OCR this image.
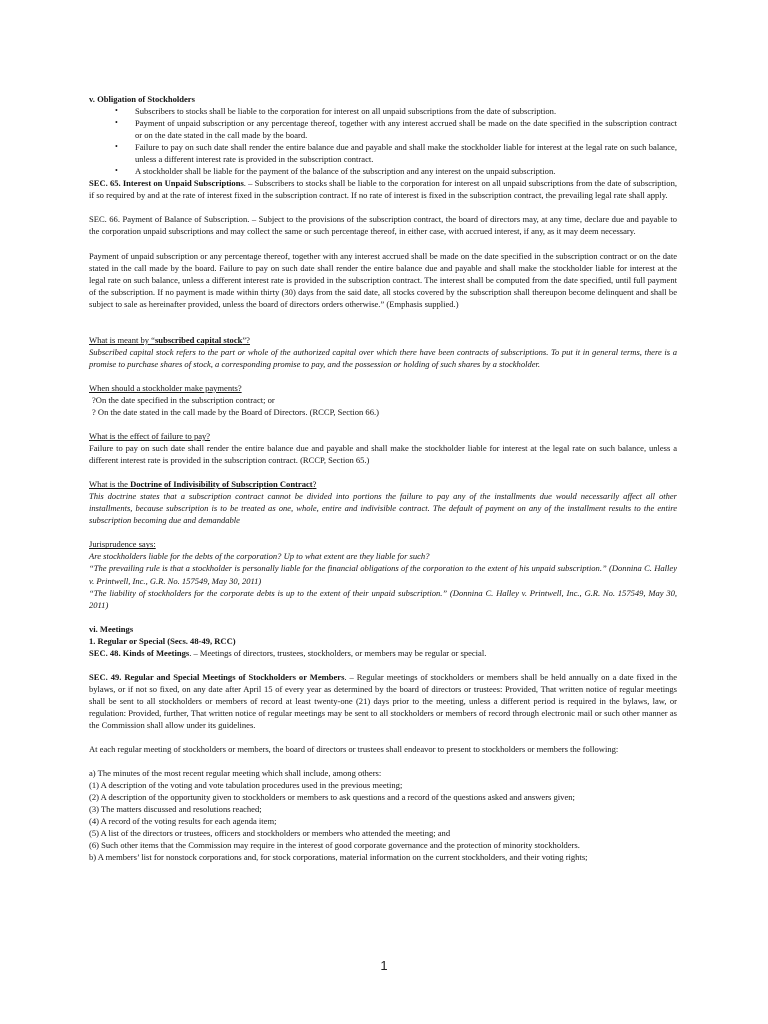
v. Obligation of Stockholders

• Subscribers to stocks shall be liable to the corporation for interest on all unpaid subscriptions from the date of subscription.
• Payment of unpaid subscription or any percentage thereof, together with any interest accrued shall be made on the date specified in the subscription contract or on the date stated in the call made by the board.
• Failure to pay on such date shall render the entire balance due and payable and shall make the stockholder liable for interest at the legal rate on such balance, unless a different interest rate is provided in the subscription contract.
• A stockholder shall be liable for the payment of the balance of the subscription and any interest on the unpaid subscription.

SEC. 65. Interest on Unpaid Subscriptions. – Subscribers to stocks shall be liable to the corporation for interest on all unpaid subscriptions from the date of subscription, if so required by and at the rate of interest fixed in the subscription contract. If no rate of interest is fixed in the subscription contract, the prevailing legal rate shall apply.

SEC. 66. Payment of Balance of Subscription. – Subject to the provisions of the subscription contract, the board of directors may, at any time, declare due and payable to the corporation unpaid subscriptions and may collect the same or such percentage thereof, in either case, with accrued interest, if any, as it may deem necessary.

Payment of unpaid subscription or any percentage thereof, together with any interest accrued shall be made on the date specified in the subscription contract or on the date stated in the call made by the board. Failure to pay on such date shall render the entire balance due and payable and shall make the stockholder liable for interest at the legal rate on such balance, unless a different interest rate is provided in the subscription contract. The interest shall be computed from the date specified, until full payment of the subscription. If no payment is made within thirty (30) days from the said date, all stocks covered by the subscription shall thereupon become delinquent and shall be subject to sale as hereinafter provided, unless the board of directors orders otherwise.” (Emphasis supplied.)

What is meant by “subscribed capital stock”?

Subscribed capital stock refers to the part or whole of the authorized capital over which there have been contracts of subscriptions. To put it in general terms, there is a promise to purchase shares of stock, a corresponding promise to pay, and the possession or holding of such shares by a stockholder.

When should a stockholder make payments?

?On the date specified in the subscription contract; or

? On the date stated in the call made by the Board of Directors. (RCCP, Section 66.)

What is the effect of failure to pay?

Failure to pay on such date shall render the entire balance due and payable and shall make the stockholder liable for interest at the legal rate on such balance, unless a different interest rate is provided in the subscription contract. (RCCP, Section 65.)

What is the Doctrine of Indivisibility of Subscription Contract?

This doctrine states that a subscription contract cannot be divided into portions the failure to pay any of the installments due would necessarily affect all other installments, because subscription is to be treated as one, whole, entire and indivisible contract. The default of payment on any of the installment results to the entire subscription becoming due and demandable

Jurisprudence says:

Are stockholders liable for the debts of the corporation? Up to what extent are they liable for such?

“The prevailing rule is that a stockholder is personally liable for the financial obligations of the corporation to the extent of his unpaid subscription.” (Donnina C. Halley v. Printwell, Inc., G.R. No. 157549, May 30, 2011)

“The liability of stockholders for the corporate debts is up to the extent of their unpaid subscription.” (Donnina C. Halley v. Printwell, Inc., G.R. No. 157549, May 30, 2011)

vi. Meetings

1. Regular or Special (Secs. 48-49, RCC)

SEC. 48. Kinds of Meetings. – Meetings of directors, trustees, stockholders, or members may be regular or special.

SEC. 49. Regular and Special Meetings of Stockholders or Members. – Regular meetings of stockholders or members shall be held annually on a date fixed in the bylaws, or if not so fixed, on any date after April 15 of every year as determined by the board of directors or trustees: Provided, That written notice of regular meetings shall be sent to all stockholders or members of record at least twenty-one (21) days prior to the meeting, unless a different period is required in the bylaws, law, or regulation: Provided, further, That written notice of regular meetings may be sent to all stockholders or members of record through electronic mail or such other manner as the Commission shall allow under its guidelines.

At each regular meeting of stockholders or members, the board of directors or trustees shall endeavor to present to stockholders or members the following:

a) The minutes of the most recent regular meeting which shall include, among others:

(1) A description of the voting and vote tabulation procedures used in the previous meeting;

(2) A description of the opportunity given to stockholders or members to ask questions and a record of the questions asked and answers given;

(3) The matters discussed and resolutions reached;

(4) A record of the voting results for each agenda item;

(5) A list of the directors or trustees, officers and stockholders or members who attended the meeting; and

(6) Such other items that the Commission may require in the interest of good corporate governance and the protection of minority stockholders.

b) A members’ list for nonstock corporations and, for stock corporations, material information on the current stockholders, and their voting rights;

1
